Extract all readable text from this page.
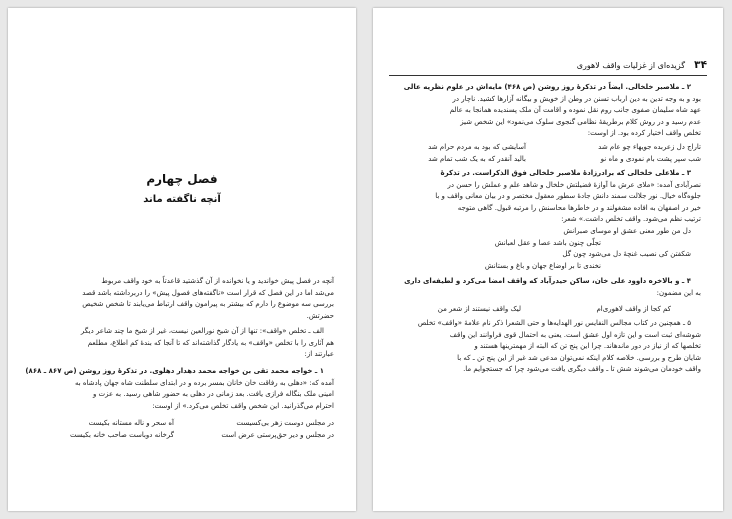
فصل چهارم
آنچه ناگفته ماند
آنچه در فصل پیش خواندید و یا نخوانده از آن گذشتید قاعدتاً به خود واقف مربوط
می‌شد اما در این فصل که قرار است «ناگفته‌های فصول پیش» را دربرداشته باشد قصد
بررسی سه موضوع را دارم که بیشتر به پیرامون واقف ارتباط می‌یابند تا شخص شخیص
حضرتش.
الف ـ تخلص «واقف»: تنها از آن شیخ نورالعین نیست، غیر از شیخ ما چند شاعر دیگر
هم آثاری را با تخلص «واقف» به یادگار گذاشته‌اند که تا آنجا که بندۀ کم اطلاع، مطلعم
عبارتند از:
۱ ـ خواجه محمد تقی بن خواجه محمد دهدار دهلوی. در تذکرۀ روز روشن (ص ۸۶۷ ـ ۸۶۸)
آمده که: «دهلی به رفاقت خان خانان بمسر برده و در ابتدای سلطنت شاه جهان پادشاه به
امینی ملک بنگاله فرازی یافت. بعد زمانی در دهلی به حضور شاهی رسید. به عزت و
احترام می‌گذرانید. این شخص واقف تخلص می‌کرد.» از اوست:
در مجلس دوست زهر بی‌کسیست
آه سحر و ناله مستانه بکیست
در مجلس و دیر حق‌پرستی عرض است
گرخانه دوباست صاحب خانه بکیست
۳۴
گزیده‌ای از غزلیات واقف لاهوری
۲ ـ ملاصبر خلخالی. ایضاً در تذکرۀ روز روشن (ص ۴۶۸) مایه‌اش در علوم نظریه عالی
بود و به وجه تدین به دین ارباب تسنن در وطن از خویش و بیگانه آزارها کشید. ناچار در
عهد شاه سلیمان صفوی جانب روم نقل نموده و اقامت آن ملک پسندیده همانجا به عالم
عدم رسید و در روش کلام برطریقۀ نظامی گنجوی سلوک می‌نمود» این شخص شیز
تخلص واقف اختیار کرده بود. از اوست:
تاراج دل زعربده جویهاء چو عام شد
آسایشی که بود به مردم حرام شد
شب سپر پشت بام نمودی و ماه نو
بالید آنقدر که به یک شب تمام شد
۳ ـ ملاعلی خلخالی که برادرزادۀ ملاصبر خلخالی فوق الذکراست. در تذکرۀ
نصرآبادی آمده: «ملای عرش ما آوازۀ فضیلتش خلخال و شاهد علم و عملش را حسن در
جلوه‌گاه خیال. نور جلالت سمند دانش جادۀ سطور معقول مختصر و در بیان معانی واقف و با
خیر در اصفهان به افاده مشغولند و در خاطرها محاسنش را مرتبه قبول. گاهی متوجه
ترتیب نظم می‌شود. واقف تخلص داشت.» شعر:
دل من طور معنی عشق او موسای صبرانش
تجلّی چنون باشد عصا و عقل لعبانش
شکفتن کی نصیب غنچۀ دل می‌شود چون گل
نخندی تا بر اوضاع جهان و باغ و بستانش
۴ ـ و بالاخره داوود علی خان، ساکن حیدرآباد که واقف امضا می‌کرد و لطیفه‌ای داری
به این مضمون:
کم کجا از واقف لاهوری‌ام
لیک واقف نیستند از شعر من
۵ ـ همچنین در کتاب مجالس النفایس نور الهدایه‌ها و حتى الشعرا ذکر نام علامۀ «واقف» تخلص
شوشه‌ای ثبت است و این تازه اول عشق است. یعنی به احتمال قوی فراوانند این واقف
تخلصها که از نیاز در دور ماندهاند. چرا این پنج تن که البته از مهمترینها هستند و
شایان طرح و بررسی. خلاصه کلام اینکه نمی‌توان مدعی شد غیر از این پنج تن ـ که با
واقف خودمان می‌شوند شش تا ـ واقف دیگری یافت می‌شود چرا که جستجوایم ما.
